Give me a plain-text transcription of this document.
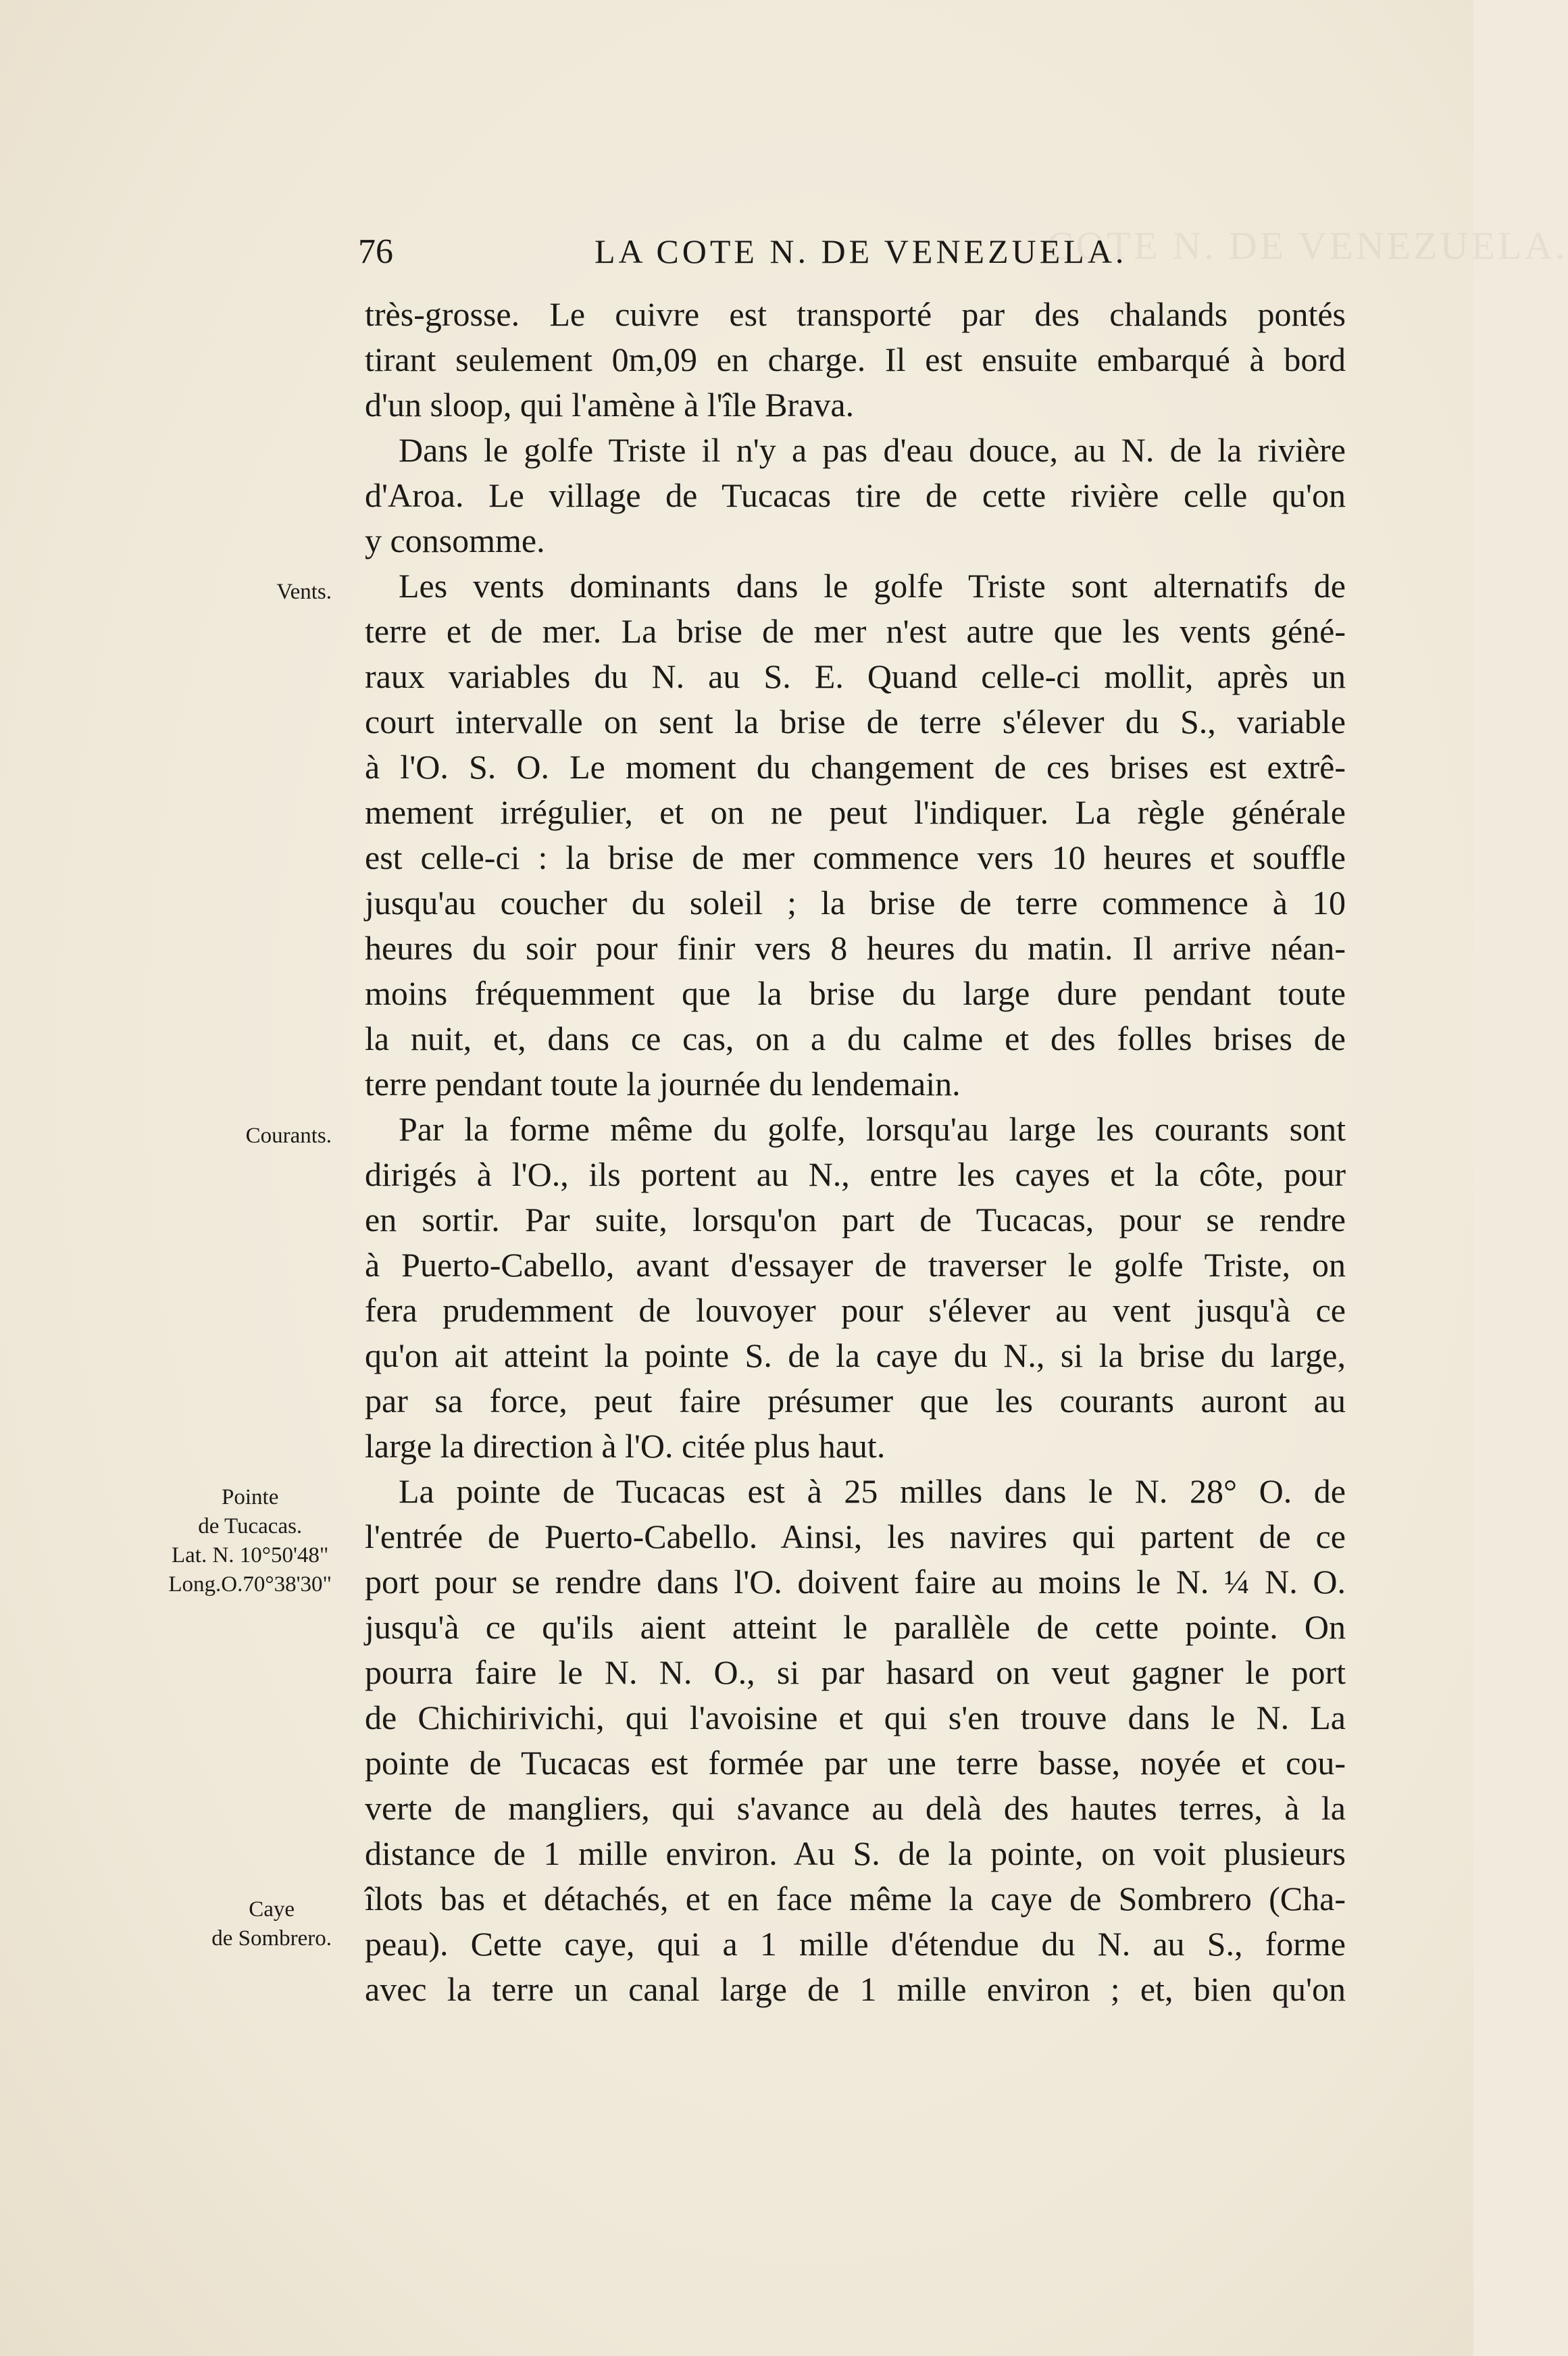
COTE N. DE VENEZUELA.
76	LA COTE N. DE VENEZUELA.
Vents.
Courants.
Pointe
de Tucacas.
Lat. N. 10°50'48"
Long.O.70°38'30"
Caye
de Sombrero.
très-grosse. Le cuivre est transporté par des chalands pontés
tirant seulement 0m,09 en charge. Il est ensuite embarqué à bord
d'un sloop, qui l'amène à l'île Brava.
Dans le golfe Triste il n'y a pas d'eau douce, au N. de la rivière
d'Aroa. Le village de Tucacas tire de cette rivière celle qu'on
y consomme.
Les vents dominants dans le golfe Triste sont alternatifs de
terre et de mer. La brise de mer n'est autre que les vents géné-
raux variables du N. au S. E. Quand celle-ci mollit, après un
court intervalle on sent la brise de terre s'élever du S., variable
à l'O. S. O. Le moment du changement de ces brises est extrê-
mement irrégulier, et on ne peut l'indiquer. La règle générale
est celle-ci : la brise de mer commence vers 10 heures et souffle
jusqu'au coucher du soleil ; la brise de terre commence à 10
heures du soir pour finir vers 8 heures du matin. Il arrive néan-
moins fréquemment que la brise du large dure pendant toute
la nuit, et, dans ce cas, on a du calme et des folles brises de
terre pendant toute la journée du lendemain.
Par la forme même du golfe, lorsqu'au large les courants sont
dirigés à l'O., ils portent au N., entre les cayes et la côte, pour
en sortir. Par suite, lorsqu'on part de Tucacas, pour se rendre
à Puerto-Cabello, avant d'essayer de traverser le golfe Triste, on
fera prudemment de louvoyer pour s'élever au vent jusqu'à ce
qu'on ait atteint la pointe S. de la caye du N., si la brise du large,
par sa force, peut faire présumer que les courants auront au
large la direction à l'O. citée plus haut.
La pointe de Tucacas est à 25 milles dans le N. 28° O. de
l'entrée de Puerto-Cabello. Ainsi, les navires qui partent de ce
port pour se rendre dans l'O. doivent faire au moins le N. ¼ N. O.
jusqu'à ce qu'ils aient atteint le parallèle de cette pointe. On
pourra faire le N. N. O., si par hasard on veut gagner le port
de Chichirivichi, qui l'avoisine et qui s'en trouve dans le N. La
pointe de Tucacas est formée par une terre basse, noyée et cou-
verte de mangliers, qui s'avance au delà des hautes terres, à la
distance de 1 mille environ. Au S. de la pointe, on voit plusieurs
îlots bas et détachés, et en face même la caye de Sombrero (Cha-
peau). Cette caye, qui a 1 mille d'étendue du N. au S., forme
avec la terre un canal large de 1 mille environ ; et, bien qu'on
